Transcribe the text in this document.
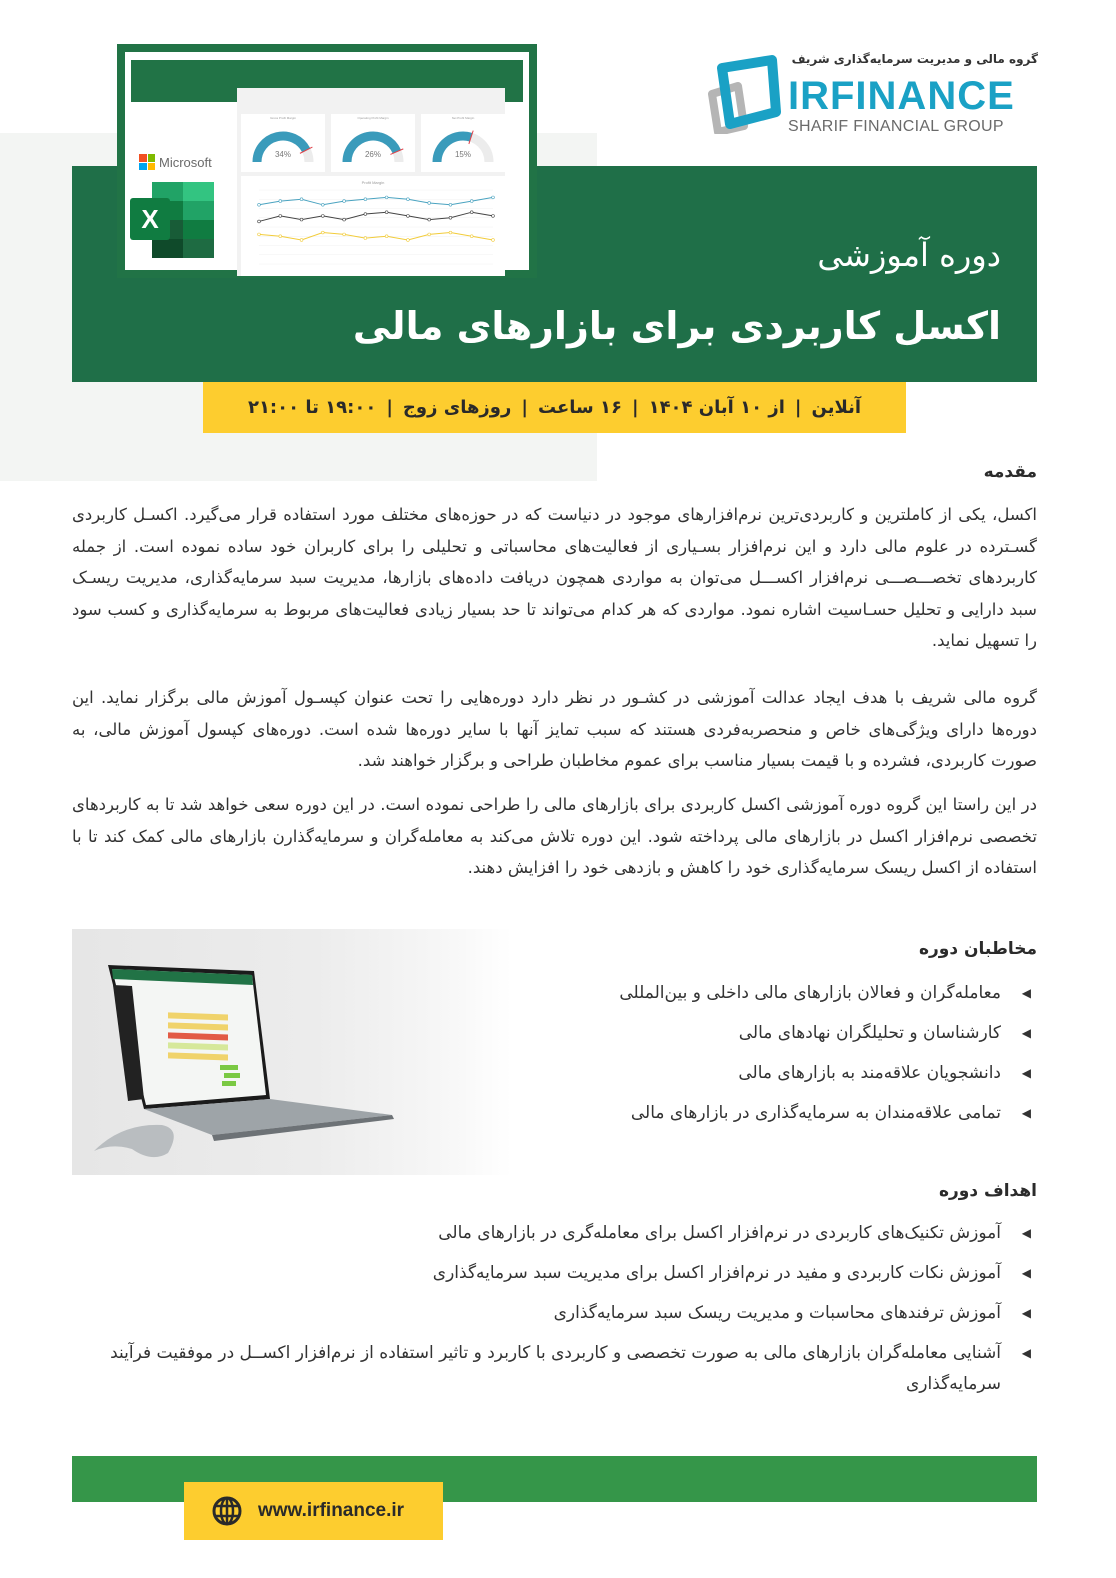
گروه مالی و مدیریت سرمایه‌گذاری شریف
IRFINANCE
SHARIF FINANCIAL GROUP
دوره آموزشی
اکسل کاربردی برای بازارهای مالی
Microsoft
X
Gross Profit Margin
34%
Operating Profit Margin
26%
Net Profit Margin
15%
Profit Margin
آنلاین
|
از ۱۰ آبان ۱۴۰۴
|
۱۶ ساعت
|
روزهای زوج
|
۱۹:۰۰ تا ۲۱:۰۰
مقدمه

اکسل، یکی از کاملترین و کاربردی‌ترین نرم‌افزارهای موجود در دنیاست که در حوزه‌های مختلف مورد استفاده قرار می‌گیرد. اکسـل کاربردی گسـترده در علوم مالی دارد و این نرم‌افزار بسـیاری از فعالیت‌های محاسباتی و تحلیلی را برای کاربران خود ساده نموده است. از جمله کاربردهای تخصـــصـــی نرم‌افزار اکســـل می‌توان به مواردی همچون دریافت داده‌های بازارها، مدیریت سبد سرمایه‌گذاری، مدیریت ریسـک سبد دارایی و تحلیل حسـاسیت اشاره نمود. مواردی که هر کدام می‌تواند تا حد بسیار زیادی فعالیت‌های مربوط به سرمایه‌گذاری و کسب سود را تسهیل نماید.

گروه مالی شریف با هدف ایجاد عدالت آموزشی در کشـور در نظر دارد دوره‌هایی را تحت عنوان کپسـول آموزش مالی برگزار نماید. این دوره‌ها دارای ویژگی‌های خاص و منحصربه‌فردی هستند که سبب تمایز آنها با سایر دوره‌ها شده است. دوره‌های کپسول آموزش مالی، به صورت کاربردی، فشرده و با قیمت بسیار مناسب برای عموم مخاطبان طراحی و برگزار خواهند شد.

در این راستا این گروه دوره آموزشی اکسل کاربردی برای بازارهای مالی را طراحی نموده است. در این دوره سعی خواهد شد تا به کاربردهای تخصصی نرم‌افزار اکسل در بازارهای مالی پرداخته شود. این دوره تلاش می‌کند به معامله‌گران و سرمایه‌گذارن بازارهای مالی کمک کند تا با استفاده از اکسل ریسک سرمایه‌گذاری خود را کاهش و بازدهی خود را افزایش دهند.

مخاطبان دوره
◀
معامله‌گران و فعالان بازارهای مالی داخلی و بین‌المللی
◀
کارشناسان و تحلیلگران نهادهای مالی
◀
دانشجویان علاقه‌مند به بازارهای مالی
◀
تمامی علاقه‌مندان به سرمایه‌گذاری در بازارهای مالی
اهداف دوره
◀
آموزش تکنیک‌های کاربردی در نرم‌افزار اکسل برای معامله‌گری در بازارهای مالی
◀
آموزش نکات کاربردی و مفید در نرم‌افزار اکسل برای مدیریت سبد سرمایه‌گذاری
◀
آموزش ترفندهای محاسبات و مدیریت ریسک سبد سرمایه‌گذاری
◀
آشنایی معامله‌گران بازارهای مالی به صورت تخصصی و کاربردی با کاربرد و تاثیر استفاده از نرم‌افزار اکســل در موفقیت فرآیند سرمایه‌گذاری
www.irfinance.ir
